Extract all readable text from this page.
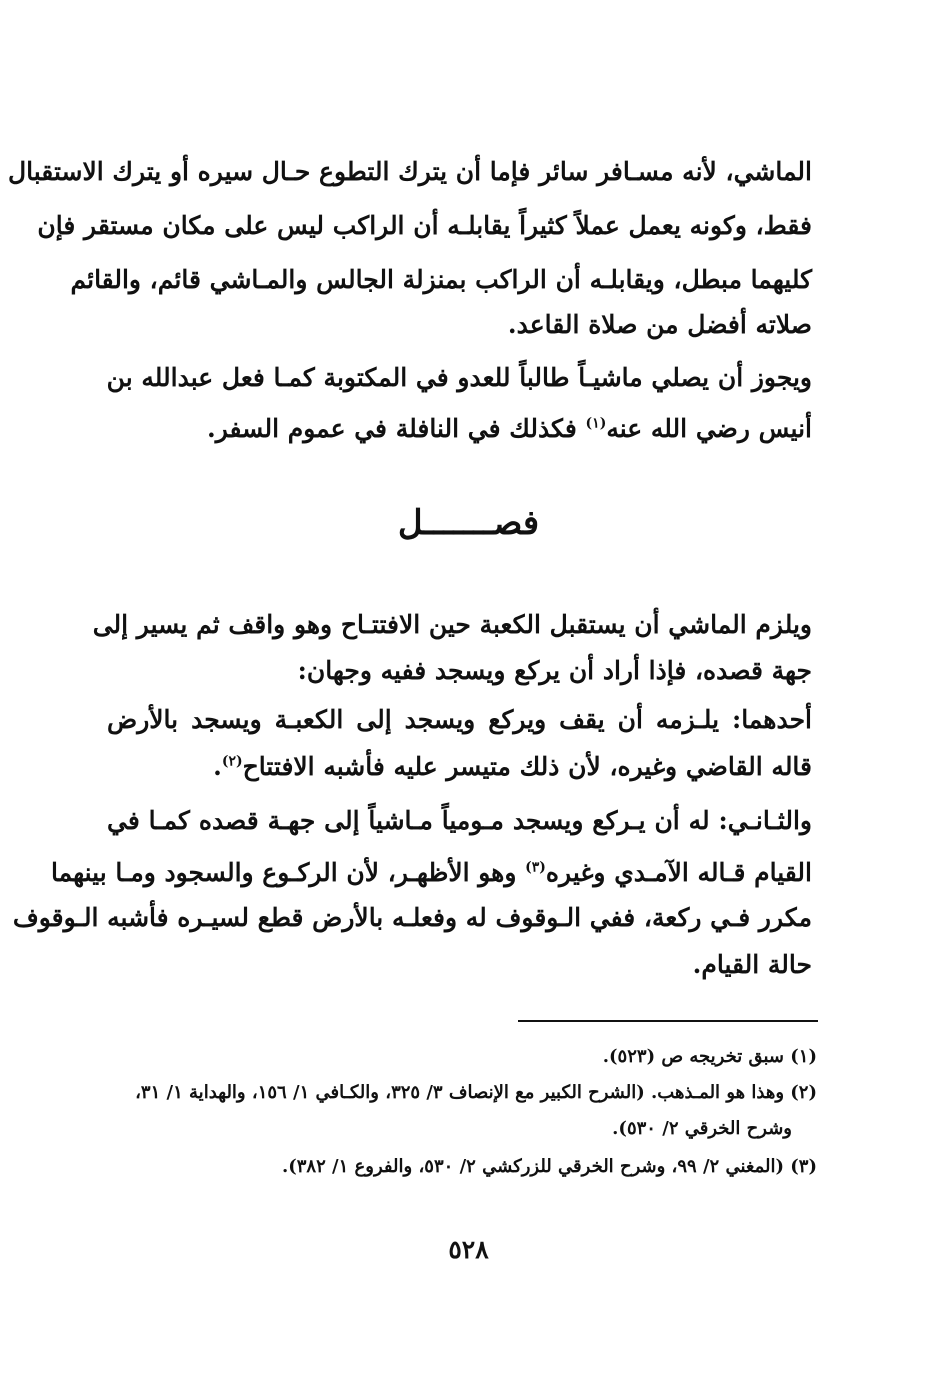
الماشي، لأنه مسـافر سائر فإما أن يترك التطوع حـال سيره أو يترك الاستقبال
فقط، وكونه يعمل عملاً كثيراً يقابلـه أن الراكب ليس على مكان مستقر فإن
كليهما مبطل، ويقابلـه أن الراكب بمنزلة الجالس والمـاشي قائم، والقائم
صلاته أفضل من صلاة القاعد.
ويجوز أن يصلي ماشيـاً طالباً للعدو في المكتوبة كمـا فعل عبدالله بن
أنيس رضي الله عنه$^{(١)}$ فكذلك في النافلة في عموم السفر.
فصـــــــل
ويلزم الماشي أن يستقبل الكعبة حين الافتتـاح وهو واقف ثم يسير إلى
جهة قصده، فإذا أراد أن يركع ويسجد ففيه وجهان:
أحدهما: يلـزمه أن يقف ويركع ويسجد إلى الكعبـة ويسجد بالأرض
قاله القاضي وغيره، لأن ذلك متيسر عليه فأشبه الافتتاح$^{(٢)}$.
والثـانـي: له أن يـركع ويسجد مـومياً مـاشياً إلى جهـة قصده كمـا في
القيام قـاله الآمـدي وغيره$^{(٣)}$ وهو الأظهـر، لأن الركـوع والسجود ومـا بينهما
مكرر فـي ركعة، ففي الـوقوف له وفعلـه بالأرض قطع لسيـره فأشبه الـوقوف
حالة القيام.
(١) سبق تخريجه ص (٥٢٣).
(٢) وهذا هو المـذهب. (الشرح الكبير مع الإنصاف ٣/ ٣٢٥، والكـافي ١/ ١٥٦، والهداية ١/ ٣١،
وشرح الخرقي ٢/ ٥٣٠).
(٣) (المغني ٢/ ٩٩، وشرح الخرقي للزركشي ٢/ ٥٣٠، والفروع ١/ ٣٨٢).
٥٢٨
